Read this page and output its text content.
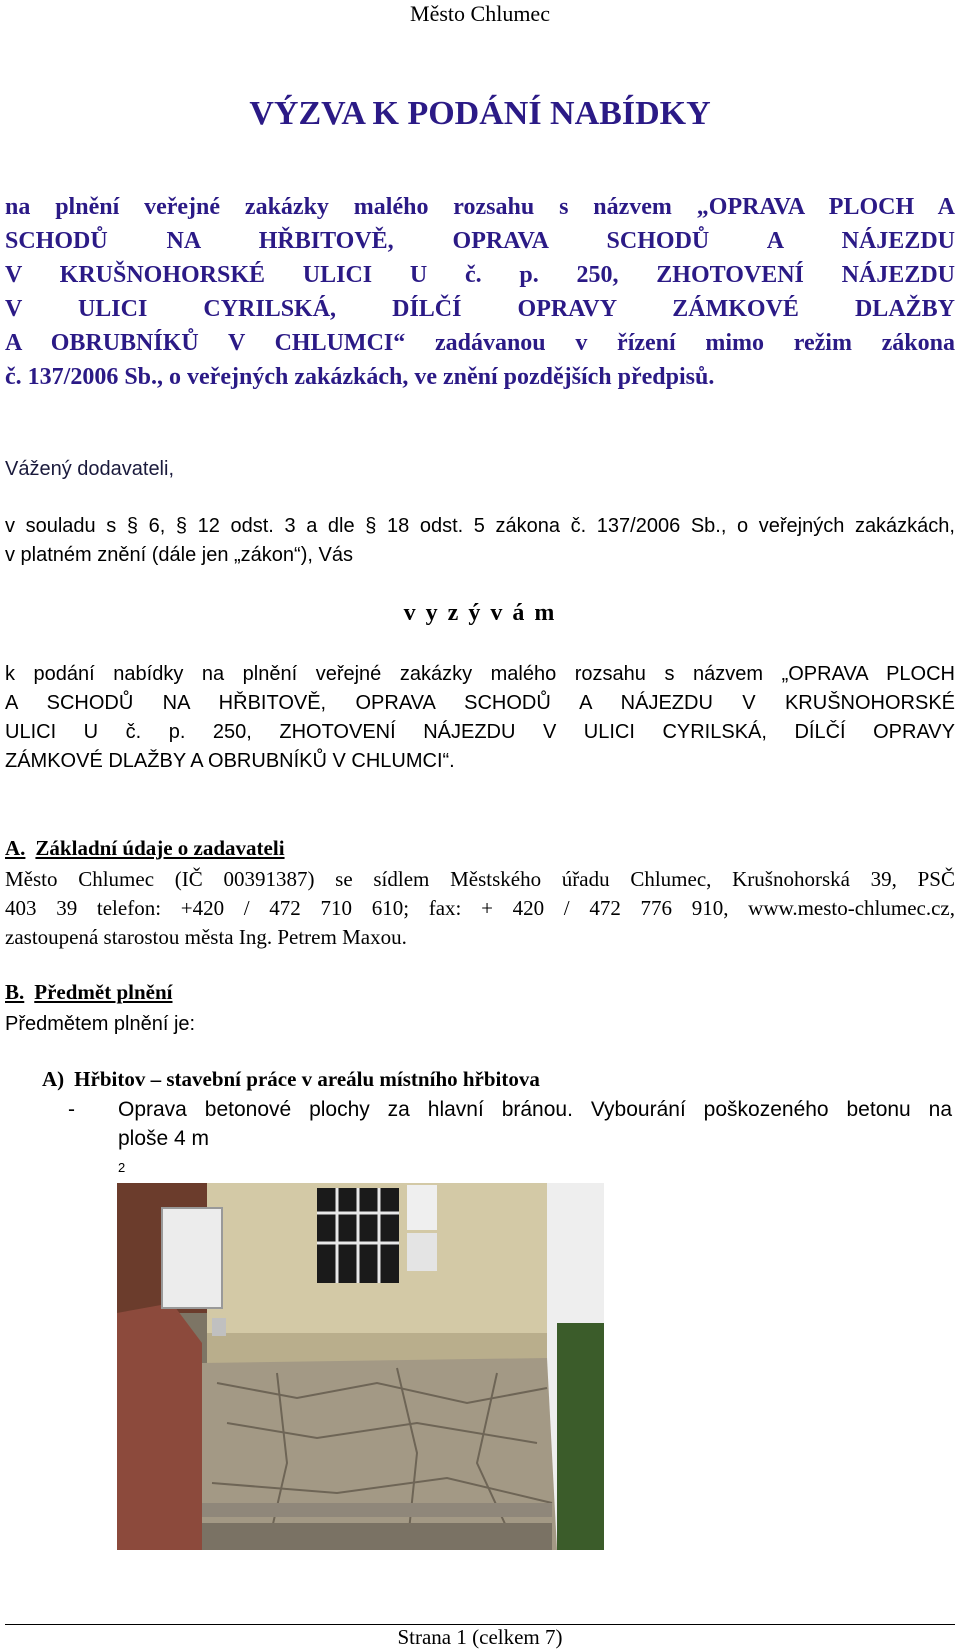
Město Chlumec
VÝZVA K PODÁNÍ NABÍDKY

na plnění veřejné zakázky malého rozsahu s názvem „OPRAVA PLOCH A
SCHODŮ NA HŘBITOVĚ, OPRAVA SCHODŮ A NÁJEZDU
V KRUŠNOHORSKÉ ULICI U č. p. 250, ZHOTOVENÍ NÁJEZDU
V ULICI CYRILSKÁ, DÍLČÍ OPRAVY ZÁMKOVÉ DLAŽBY
A OBRUBNÍKŮ V CHLUMCI“ zadávanou v řízení mimo režim zákona
č. 137/2006 Sb., o veřejných zakázkách, ve znění pozdějších předpisů.

Vážený dodavateli,

v souladu s § 6, § 12 odst. 3 a dle § 18 odst. 5 zákona č. 137/2006 Sb., o veřejných zakázkách,
v platném znění (dále jen „zákon“), Vás

v y z ý v á m

k podání nabídky na plnění veřejné zakázky malého rozsahu s názvem „OPRAVA PLOCH
A SCHODŮ NA HŘBITOVĚ, OPRAVA SCHODŮ A NÁJEZDU V KRUŠNOHORSKÉ
ULICI U č. p. 250, ZHOTOVENÍ NÁJEZDU V ULICI CYRILSKÁ, DÍLČÍ OPRAVY
ZÁMKOVÉ DLAŽBY A OBRUBNÍKŮ V CHLUMCI“.

A. Základní údaje o zadavateli

Město Chlumec (IČ 00391387) se sídlem Městského úřadu Chlumec, Krušnohorská 39, PSČ
403 39 telefon: +420 / 472 710 610; fax: + 420 / 472 776 910, www.mesto-chlumec.cz,
zastoupená starostou města Ing. Petrem Maxou.

B. Předmět plnění

Předmětem plnění je:

A) Hřbitov – stavební práce v areálu místního hřbitova

- Oprava betonové plochy za hlavní bránou. Vybourání poškozeného betonu na
ploše 4 m
$^2$
Strana 1 (celkem 7)
